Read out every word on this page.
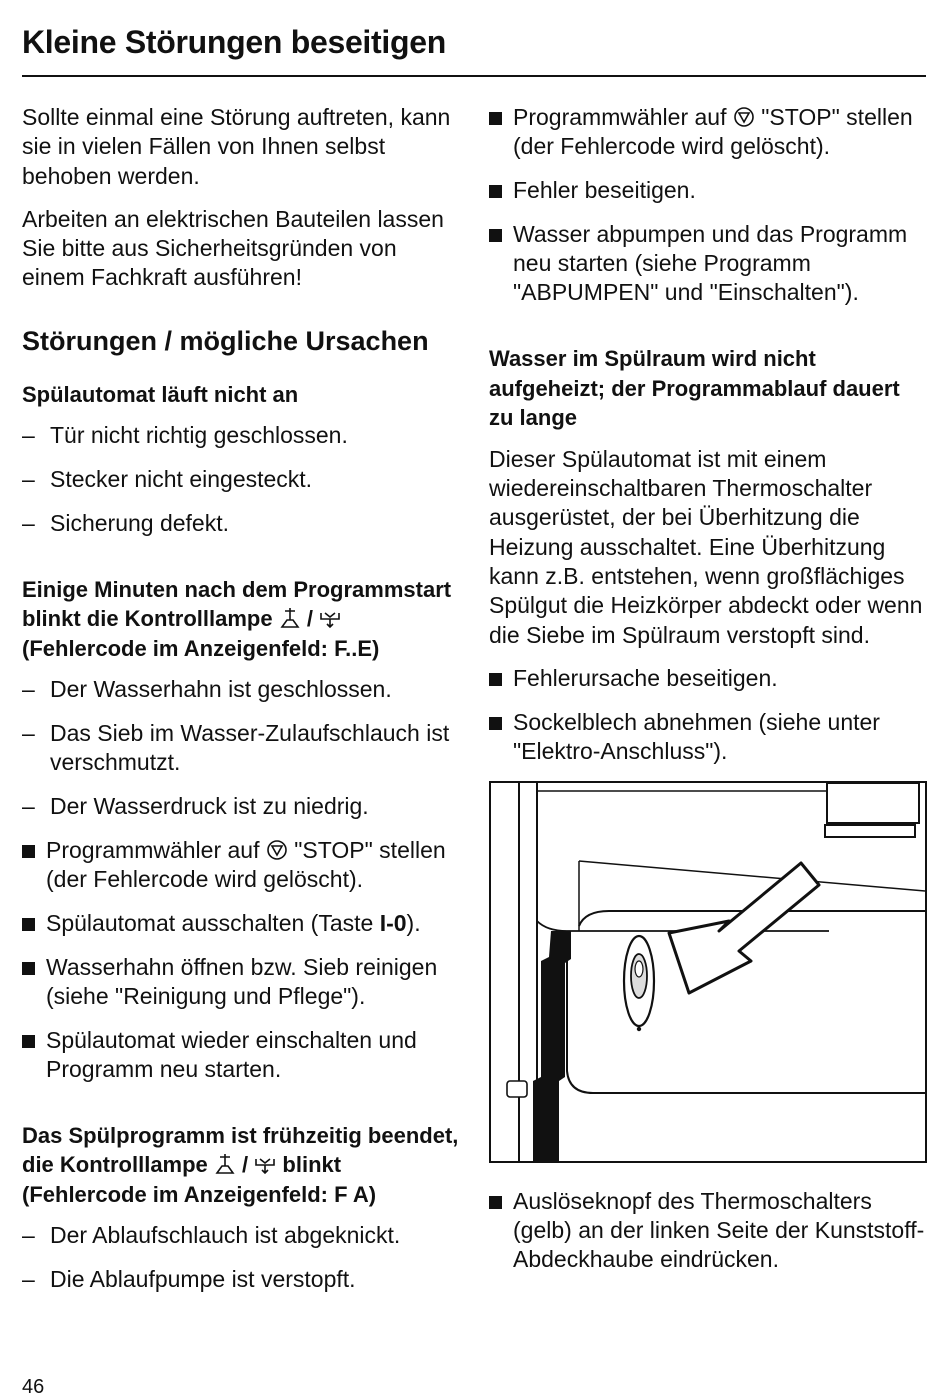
Kleine Störungen beseitigen

Sollte einmal eine Störung auftreten, kann sie in vielen Fällen von Ihnen selbst behoben werden.

Arbeiten an elektrischen Bauteilen lassen Sie bitte aus Sicherheitsgründen von einem Fachkraft ausführen!

Störungen / mögliche Ursachen
Spülautomat läuft nicht an
– Tür nicht richtig geschlossen.
– Stecker nicht eingesteckt.
– Sicherung defekt.
Einige Minuten nach dem Programmstart blinkt die Kontrolllampe /
(Fehlercode im Anzeigenfeld: F..E)
– Der Wasserhahn ist geschlossen.
– Das Sieb im Wasser-Zulaufschlauch ist verschmutzt.
– Der Wasserdruck ist zu niedrig.
Programmwähler auf "STOP" stellen (der Fehlercode wird gelöscht).
Spülautomat ausschalten (Taste I-0).
Wasserhahn öffnen bzw. Sieb reinigen (siehe "Reinigung und Pflege").
Spülautomat wieder einschalten und Programm neu starten.
Das Spülprogramm ist frühzeitig beendet, die Kontrolllampe / blinkt (Fehlercode im Anzeigenfeld: F A)
– Der Ablaufschlauch ist abgeknickt.
– Die Ablaufpumpe ist verstopft.
Programmwähler auf "STOP" stellen (der Fehlercode wird gelöscht).
Fehler beseitigen.
Wasser abpumpen und das Programm neu starten (siehe Programm "ABPUMPEN" und "Einschalten").
Wasser im Spülraum wird nicht aufgeheizt; der Programmablauf dauert zu lange

Dieser Spülautomat ist mit einem wiedereinschaltbaren Thermoschalter ausgerüstet, der bei Überhitzung die Heizung ausschaltet. Eine Überhitzung kann z.B. entstehen, wenn großflächiges Spülgut die Heizkörper abdeckt oder wenn die Siebe im Spülraum verstopft sind.

Fehlerursache beseitigen.
Sockelblech abnehmen (siehe unter "Elektro-Anschluss").
Auslöseknopf des Thermoschalters (gelb) an der linken Seite der Kunststoff-Abdeckhaube eindrücken.
46
